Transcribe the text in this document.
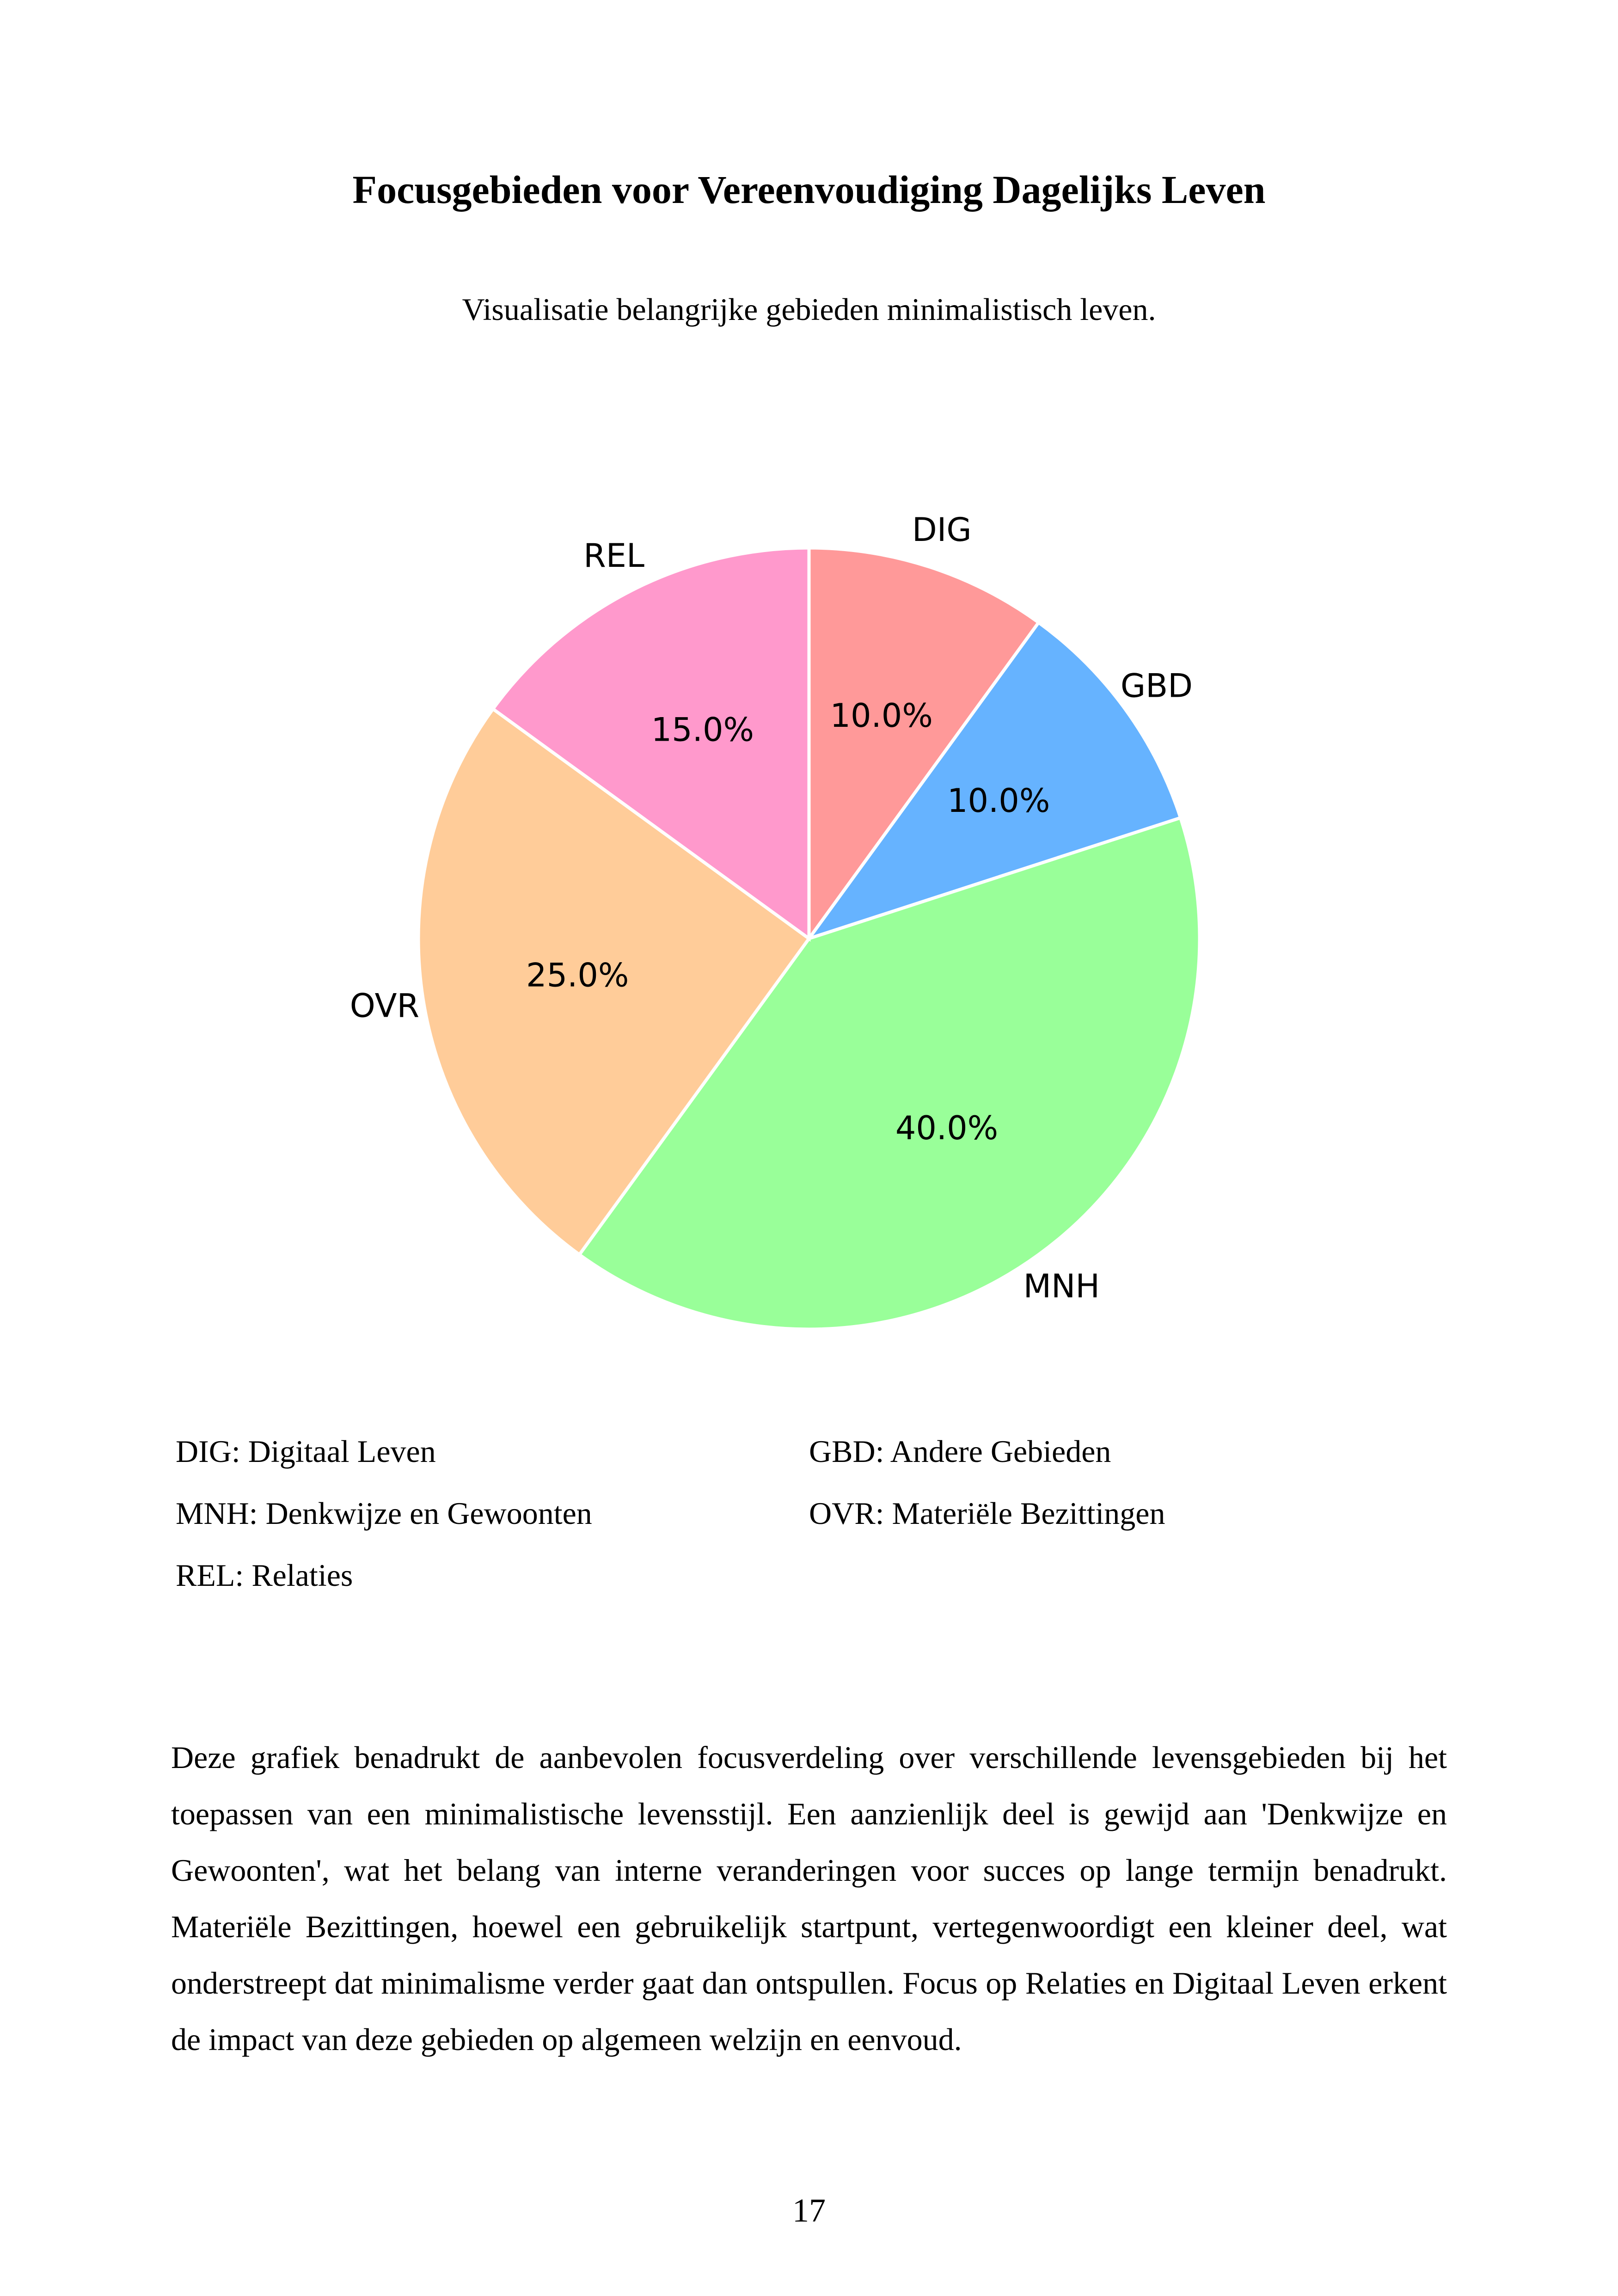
Focusgebieden voor Vereenvoudiging Dagelijks Leven
Visualisatie belangrijke gebieden minimalistisch leven.
DIG
10.0%
GBD
10.0%
MNH
40.0%
OVR
25.0%
REL
15.0%
DIG: Digitaal Leven	GBD: Andere Gebieden
MNH: Denkwijze en Gewoonten	OVR: Materiële Bezittingen
REL: Relaties
Deze grafiek benadrukt de aanbevolen focusverdeling over verschillende levensgebieden bij het toepassen van een minimalistische levensstijl. Een aanzienlijk deel is gewijd aan 'Denkwijze en Gewoonten', wat het belang van interne veranderingen voor succes op lange termijn benadrukt. Materiële Bezittingen, hoewel een gebruikelijk startpunt, vertegenwoordigt een kleiner deel, wat onderstreept dat minimalisme verder gaat dan ontspullen. Focus op Relaties en Digitaal Leven erkent de impact van deze gebieden op algemeen welzijn en eenvoud.
17
